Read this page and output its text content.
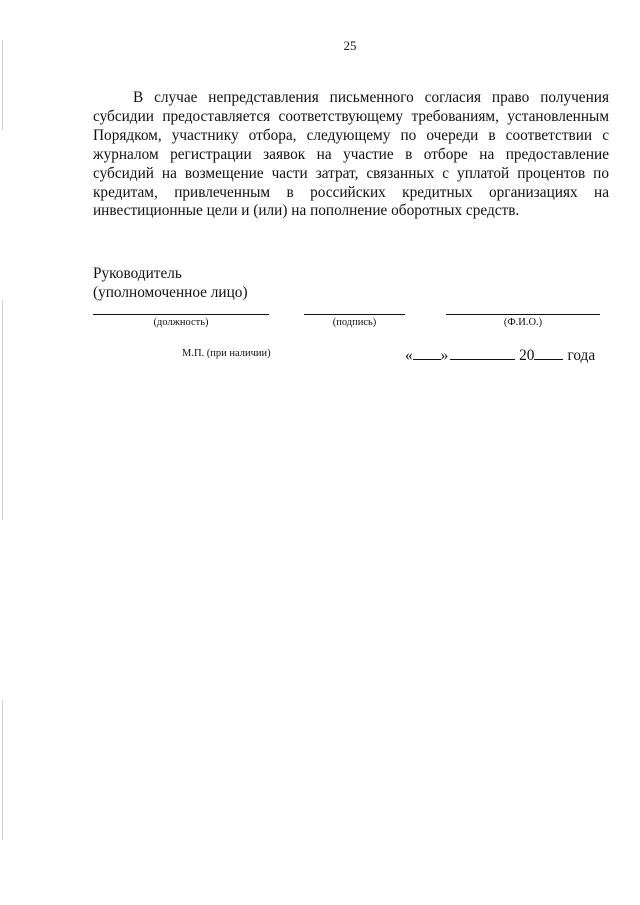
25

В случае непредставления письменного согласия право получения субсидии предоставляется соответствующему требованиям, установленным Порядком, участнику отбора, следующему по очереди в соответствии с журналом регистрации заявок на участие в отборе на предоставление субсидий на возмещение части затрат, связанных с уплатой процентов по кредитам, привлеченным в российских кредитных организациях на инвестиционные цели и (или) на пополнение оборотных средств.

Руководитель
(уполномоченное лицо)
(должность)	(подпись)	(Ф.И.О.)
М.П. (при наличии)	« »	20 года
